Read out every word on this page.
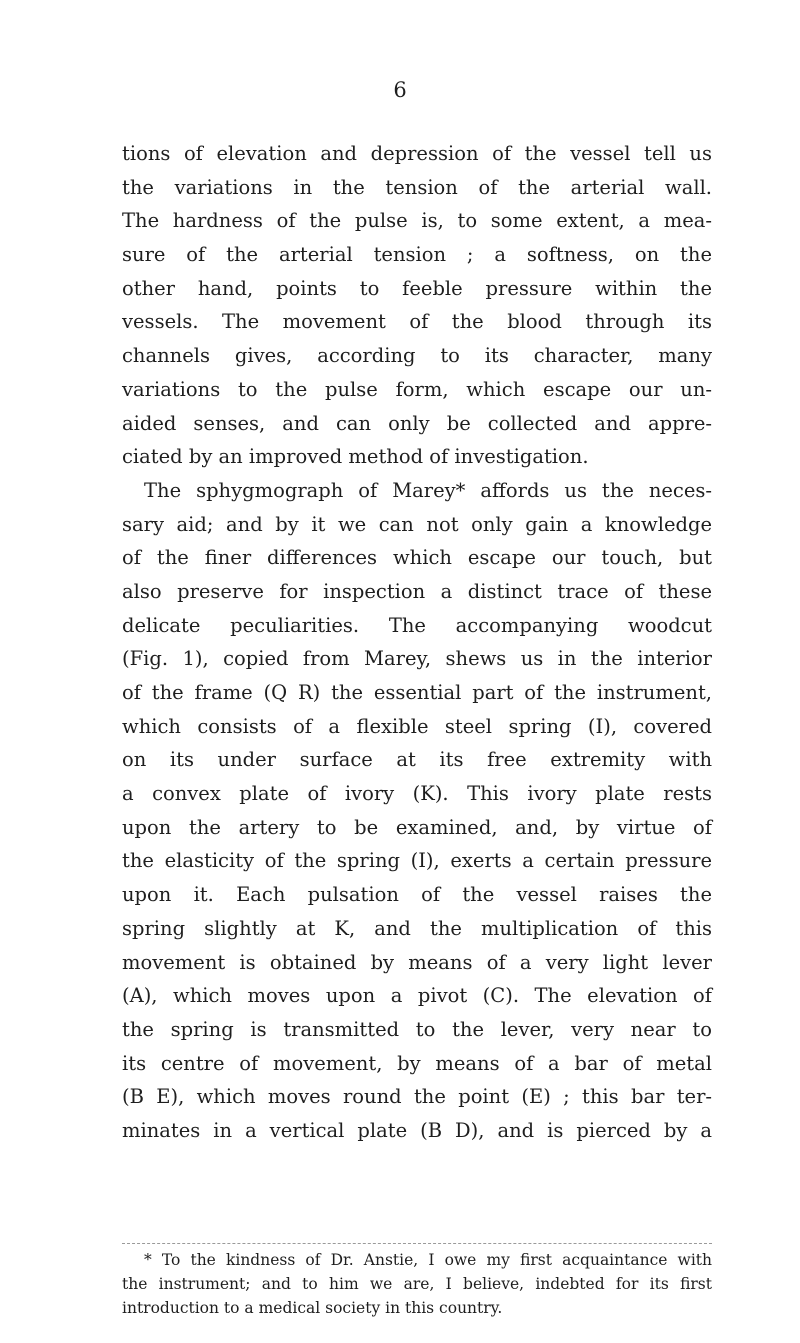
6
tions of elevation and depression of the vessel tell us
the variations in the tension of the arterial wall.
The hardness of the pulse is, to some extent, a mea-
sure of the arterial tension ; a softness, on the
other hand, points to feeble pressure within the
vessels. The movement of the blood through its
channels gives, according to its character, many
variations to the pulse form, which escape our un-
aided senses, and can only be collected and appre-
ciated by an improved method of investigation.
The sphygmograph of Marey* affords us the neces-
sary aid; and by it we can not only gain a knowledge
of the finer differences which escape our touch, but
also preserve for inspection a distinct trace of these
delicate peculiarities. The accompanying woodcut
(Fig. 1), copied from Marey, shews us in the interior
of the frame (Q R) the essential part of the instrument,
which consists of a flexible steel spring (I), covered
on its under surface at its free extremity with
a convex plate of ivory (K). This ivory plate rests
upon the artery to be examined, and, by virtue of
the elasticity of the spring (I), exerts a certain pressure
upon it. Each pulsation of the vessel raises the
spring slightly at K, and the multiplication of this
movement is obtained by means of a very light lever
(A), which moves upon a pivot (C). The elevation of
the spring is transmitted to the lever, very near to
its centre of movement, by means of a bar of metal
(B E), which moves round the point (E) ; this bar ter-
minates in a vertical plate (B D), and is pierced by a
* To the kindness of Dr. Anstie, I owe my first acquaintance with
the instrument; and to him we are, I believe, indebted for its first
introduction to a medical society in this country.
